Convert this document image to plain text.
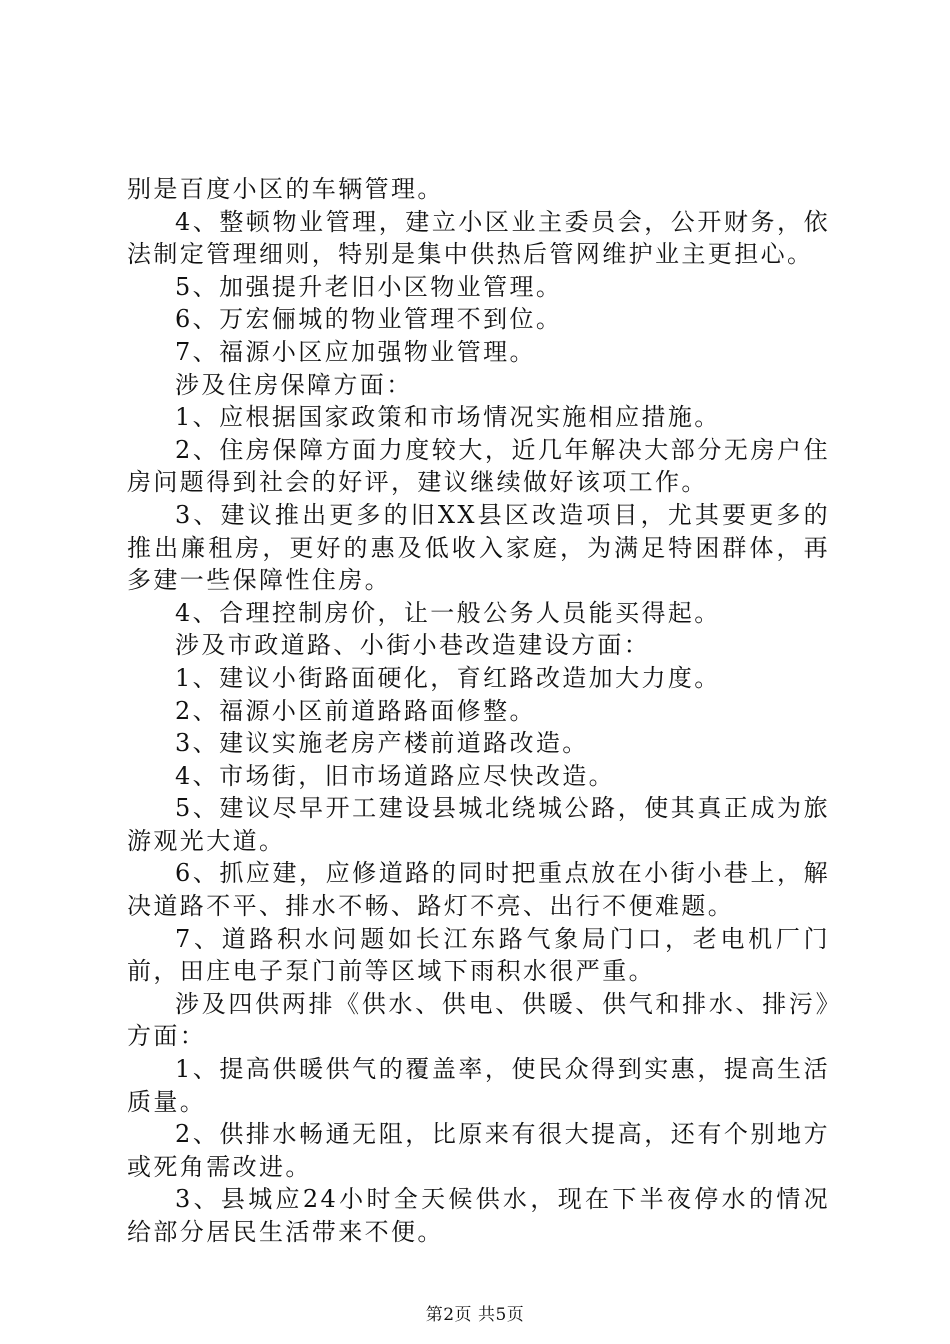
别是百度小区的车辆管理。

4、整顿物业管理，建立小区业主委员会，公开财务，依法制定管理细则，特别是集中供热后管网维护业主更担心。

5、加强提升老旧小区物业管理。

6、万宏俪城的物业管理不到位。

7、福源小区应加强物业管理。

涉及住房保障方面：

1、应根据国家政策和市场情况实施相应措施。

2、住房保障方面力度较大，近几年解决大部分无房户住房问题得到社会的好评，建议继续做好该项工作。

3、建议推出更多的旧XX县区改造项目，尤其要更多的推出廉租房，更好的惠及低收入家庭，为满足特困群体，再多建一些保障性住房。

4、合理控制房价，让一般公务人员能买得起。

涉及市政道路、小街小巷改造建设方面：

1、建议小街路面硬化，育红路改造加大力度。

2、福源小区前道路路面修整。

3、建议实施老房产楼前道路改造。

4、市场街，旧市场道路应尽快改造。

5、建议尽早开工建设县城北绕城公路，使其真正成为旅游观光大道。

6、抓应建，应修道路的同时把重点放在小街小巷上，解决道路不平、排水不畅、路灯不亮、出行不便难题。

7、道路积水问题如长江东路气象局门口，老电机厂门前，田庄电子泵门前等区域下雨积水很严重。

涉及四供两排《供水、供电、供暖、供气和排水、排污》方面：

1、提高供暖供气的覆盖率，使民众得到实惠，提高生活质量。

2、供排水畅通无阻，比原来有很大提高，还有个别地方或死角需改进。

3、县城应24小时全天候供水，现在下半夜停水的情况给部分居民生活带来不便。

第2页 共5页
